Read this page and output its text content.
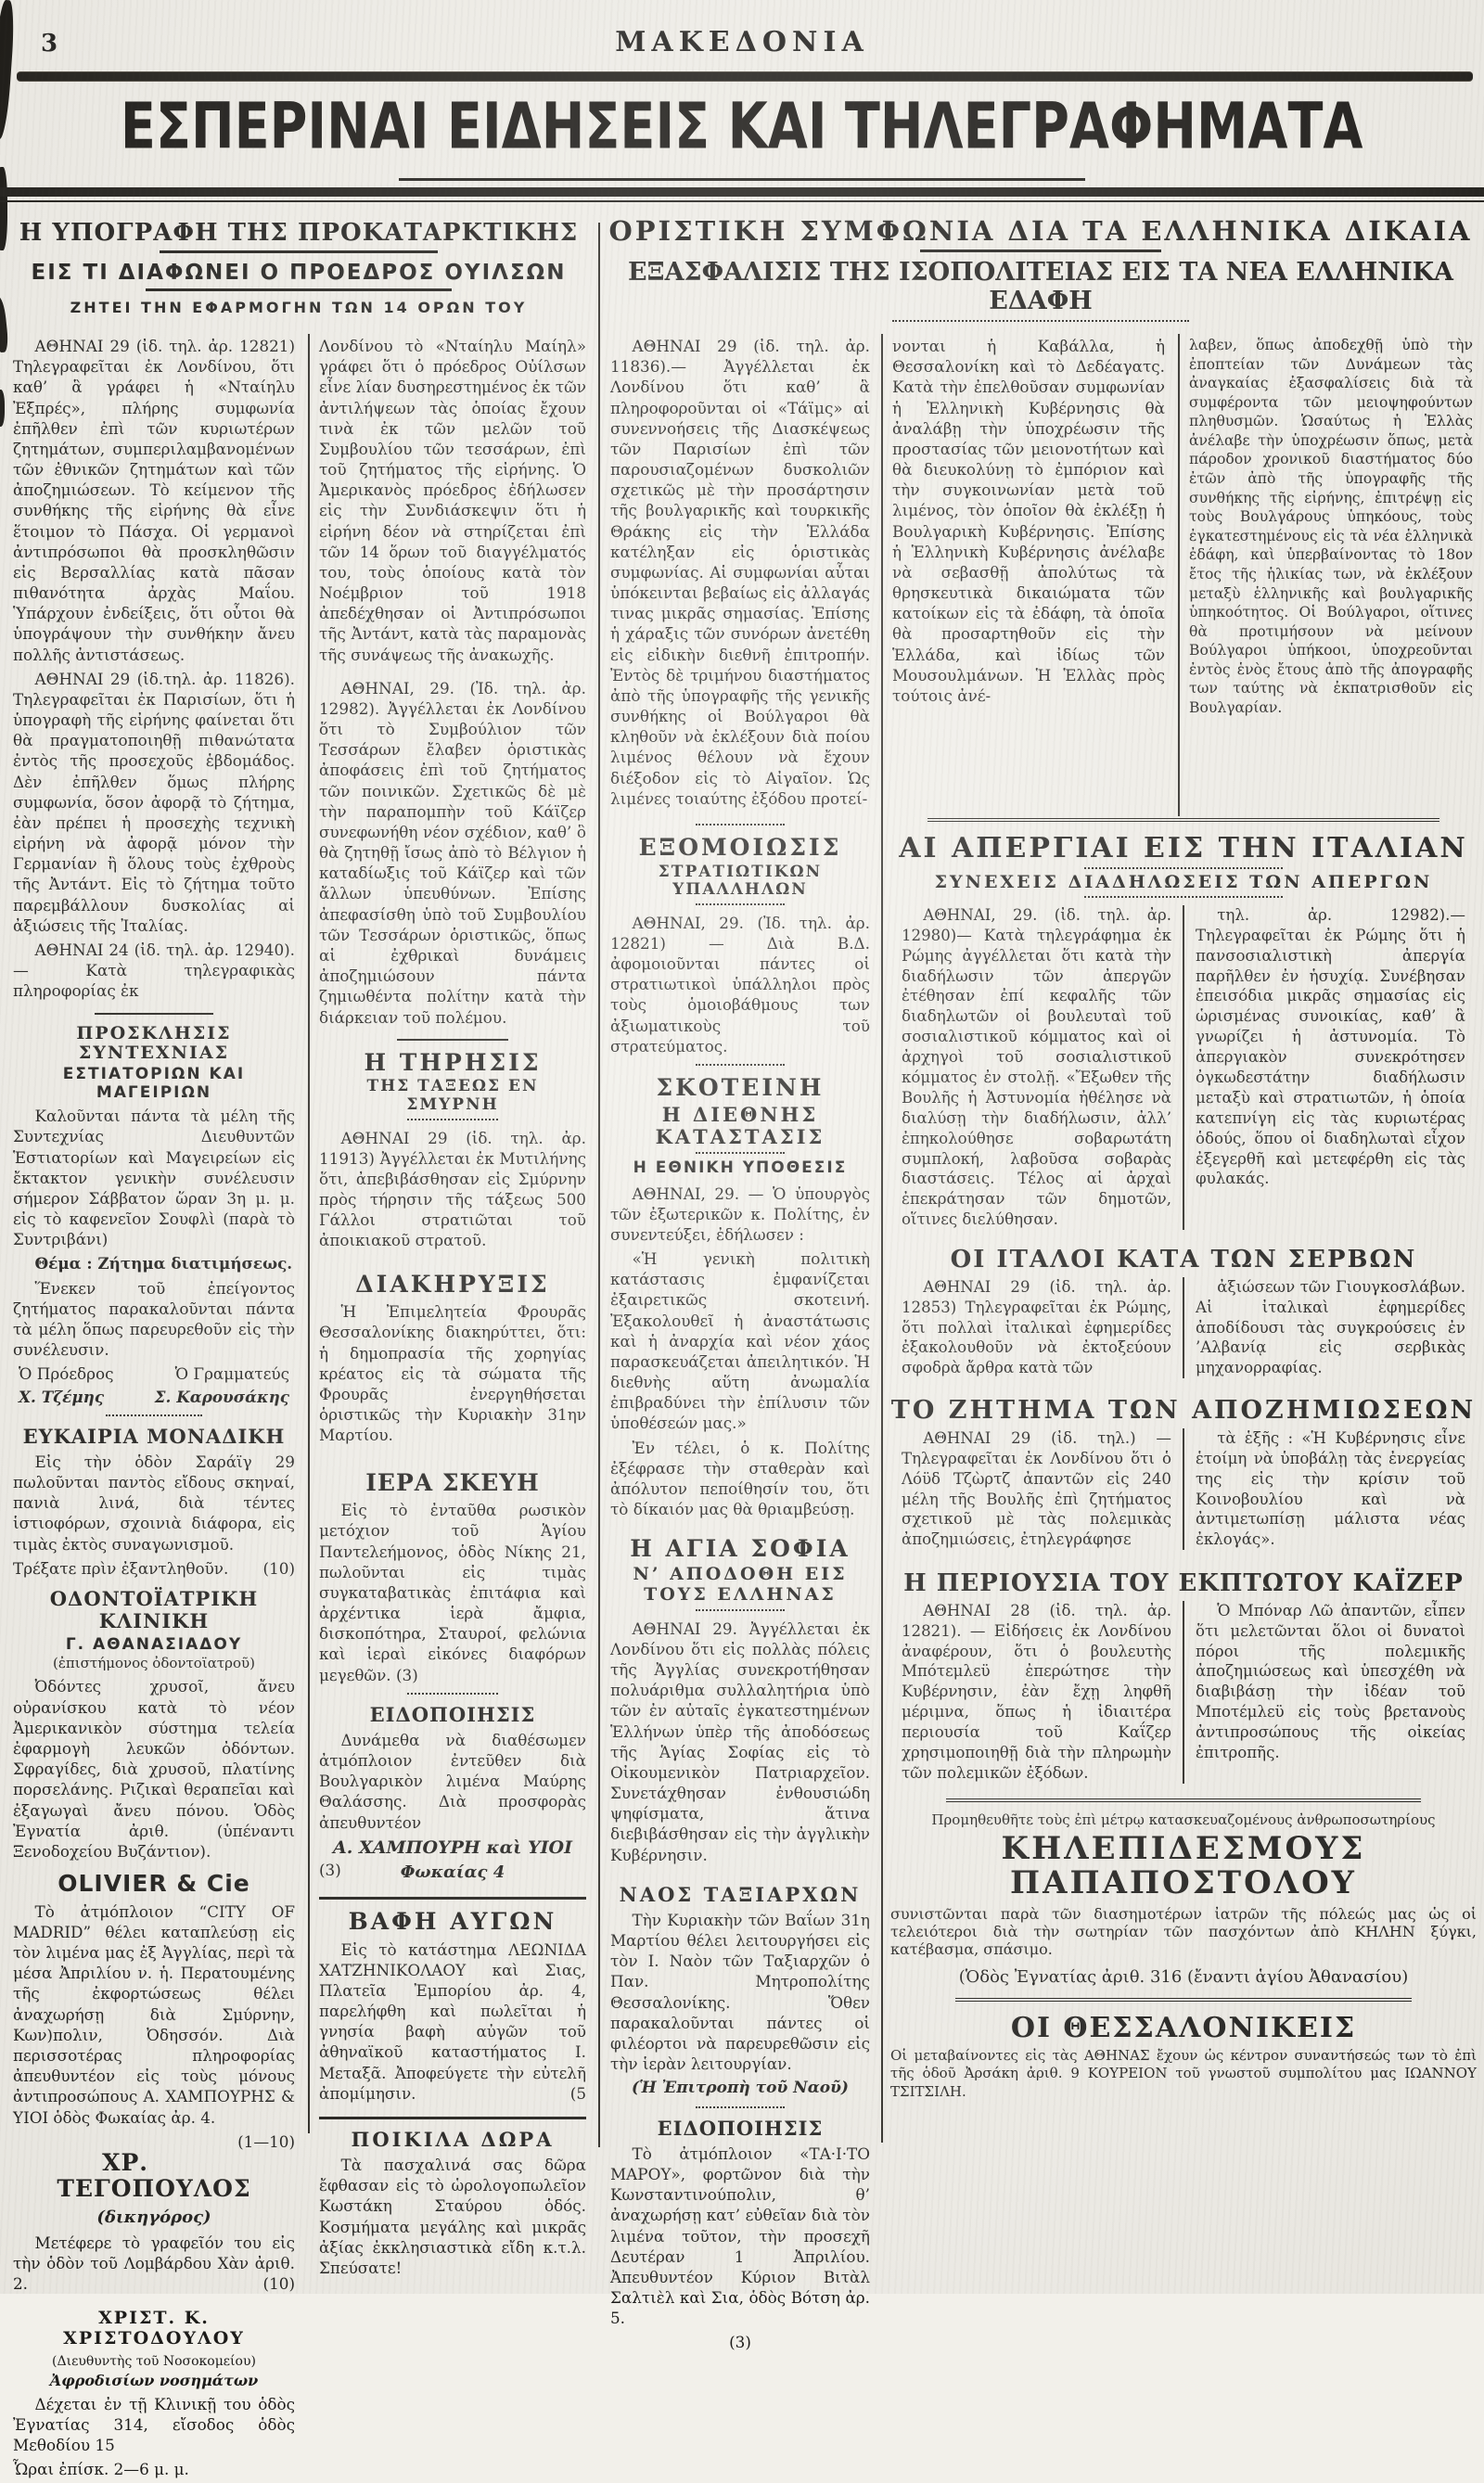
3	ΜΑΚΕΔΟΝΙΑ
ΕΣΠΕΡΙΝΑΙ ΕΙΔΗΣΕΙΣ ΚΑΙ ΤΗΛΕΓΡΑΦΗΜΑΤΑ
Η ΥΠΟΓΡΑΦΗ ΤΗΣ ΠΡΟΚΑΤΑΡΚΤΙΚΗΣ
ΕΙΣ ΤΙ ΔΙΑΦΩΝΕΙ Ο ΠΡΟΕΔΡΟΣ ΟΥΙΛΣΩΝ
ΖΗΤΕΙ ΤΗΝ ΕΦΑΡΜΟΓΗΝ ΤΩΝ 14 ΟΡΩΝ ΤΟΥ
ΟΡΙΣΤΙΚΗ ΣΥΜΦΩΝΙΑ ΔΙΑ ΤΑ ΕΛΛΗΝΙΚΑ ΔΙΚΑΙΑ
ΕΞΑΣΦΑΛΙΣΙΣ ΤΗΣ ΙΣΟΠΟΛΙΤΕΙΑΣ ΕΙΣ ΤΑ ΝΕΑ ΕΛΛΗΝΙΚΑ ΕΔΑΦΗ

ΑΘΗΝΑΙ 29 (ἰδ. τηλ. ἀρ. 12821) Τηλεγραφεῖται ἐκ Λονδίνου, ὅτι καθ’ ἃ γράφει ἡ «Νταίηλυ Ἐξπρές», πλήρης συμφωνία ἐπῆλθεν ἐπὶ τῶν κυριωτέρων ζητημάτων, συμπεριλαμβανομένων τῶν ἐθνικῶν ζητημάτων καὶ τῶν ἀποζημιώσεων. Τὸ κείμενον τῆς συνθήκης τῆς εἰρήνης θὰ εἶνε ἕτοιμον τὸ Πάσχα. Οἱ γερμανοὶ ἀντιπρόσωποι θὰ προσκληθῶσιν εἰς Βερσαλλίας κατὰ πᾶσαν πιθανότητα ἀρχὰς Μαΐου. Ὑπάρχουν ἐνδείξεις, ὅτι οὗτοι θὰ ὑπογράψουν τὴν συνθήκην ἄνευ πολλῆς ἀντιστάσεως.

ΑΘΗΝΑΙ 29 (ἰδ.τηλ. ἀρ. 11826). Τηλεγραφεῖται ἐκ Παρισίων, ὅτι ἡ ὑπογραφὴ τῆς εἰρήνης φαίνεται ὅτι θὰ πραγματοποιηθῇ πιθανώτατα ἐντὸς τῆς προσεχοῦς ἑβδομάδος. Δὲν ἐπῆλθεν ὅμως πλήρης συμφωνία, ὅσον ἀφορᾷ τὸ ζήτημα, ἐὰν πρέπει ἡ προσεχὴς τεχνικὴ εἰρήνη νὰ ἀφορᾷ μόνον τὴν Γερμανίαν ἢ ὅλους τοὺς ἐχθροὺς τῆς Ἀντάντ. Εἰς τὸ ζήτημα τοῦτο παρεμβάλλουν δυσκολίας αἱ ἀξιώσεις τῆς Ἰταλίας.

ΑΘΗΝΑΙ 24 (ἰδ. τηλ. ἀρ. 12940).— Κατὰ τηλεγραφικὰς πληροφορίας ἐκ

ΠΡΟΣΚΛΗΣΙΣ ΣΥΝΤΕΧΝΙΑΣ
ΕΣΤΙΑΤΟΡΙΩΝ ΚΑΙ ΜΑΓΕΙΡΙΩΝ

Καλοῦνται πάντα τὰ μέλη τῆς Συντεχνίας Διευθυντῶν Ἑστιατορίων καὶ Μαγειρείων εἰς ἔκτακτον γενικὴν συνέλευσιν σήμερον Σάββατον ὥραν 3η μ. μ. εἰς τὸ καφενεῖον Σουφλὶ (παρὰ τὸ Συντριβάνι)

Θέμα : Ζήτημα διατιμήσεως.

Ἕνεκεν τοῦ ἐπείγοντος ζητήματος παρακαλοῦνται πάντα τὰ μέλη ὅπως παρευρεθοῦν εἰς τὴν συνέλευσιν.

Ὁ Πρόεδρος	Ὁ Γραμματεύς
Χ. Τζέμης	Σ. Καρουσάκης
ΕΥΚΑΙΡΙΑ ΜΟΝΑΔΙΚΗ

Εἰς τὴν ὁδὸν Σαράϊγ 29 πωλοῦνται παντὸς εἴδους σκηναί, πανιὰ λινά, διὰ τέντες ἱστιοφόρων, σχοινιὰ διάφορα, εἰς τιμὰς ἐκτὸς συναγωνισμοῦ.

Τρέξατε πρὶν ἐξαντληθοῦν. (10)

ΟΔΟΝΤΟΪΑΤΡΙΚΗ ΚΛΙΝΙΚΗ
Γ. ΑΘΑΝΑΣΙΑΔΟΥ
(ἐπιστήμονος ὀδοντοϊατροῦ)

Ὀδόντες χρυσοῖ, ἄνευ οὐρανίσκου κατὰ τὸ νέον Ἀμερικανικὸν σύστημα τελεία ἐφαρμογὴ λευκῶν ὀδόντων. Σφραγίδες, διὰ χρυσοῦ, πλατίνης πορσελάνης. Ριζικαὶ θεραπεῖαι καὶ ἐξαγωγαὶ ἄνευ πόνου. Ὁδὸς Ἐγνατία ἀριθ. (ὑπέναντι Ξενοδοχείου Βυζάντιον).

OLIVIER & Cie

Τὸ ἀτμόπλοιον “CITY OF MADRID” θέλει καταπλεύσῃ εἰς τὸν λιμένα μας ἐξ Ἀγγλίας, περὶ τὰ μέσα Ἀπριλίου ν. ἡ. Περατουμένης τῆς ἐκφορτώσεως θέλει ἀναχωρήσῃ διὰ Σμύρνην, Κων)πολιν, Ὀδησσόν. Διὰ περισσοτέρας πληροφορίας ἀπευθυντέον εἰς τοὺς μόνους ἀντιπροσώπους Α. ΧΑΜΠΟΥΡΗΣ & ΥΙΟΙ ὁδὸς Φωκαίας ἀρ. 4.

(1—10)

ΧΡ. ΤΕΓΟΠΟΥΛΟΣ
(δικηγόρος)

Μετέφερε τὸ γραφεῖόν του εἰς τὴν ὁδὸν τοῦ Λομβάρδου Χὰν ἀριθ. 2.	(10)

ΧΡΙΣΤ. Κ. ΧΡΙΣΤΟΔΟΥΛΟΥ
(Διευθυντὴς τοῦ Νοσοκομείου)
Ἀφροδισίων νοσημάτων

Δέχεται ἐν τῇ Κλινικῇ του ὁδὸς Ἐγνατίας 314, εἴσοδος ὁδὸς Μεθοδίου 15

Ὧραι ἐπίσκ. 2—6 μ. μ.

Λονδίνου τὸ «Νταίηλυ Μαίηλ» γράφει ὅτι ὁ πρόεδρος Οὐίλσων εἶνε λίαν δυσηρεστημένος ἐκ τῶν ἀντιλήψεων τὰς ὁποίας ἔχουν τινὰ ἐκ τῶν μελῶν τοῦ Συμβουλίου τῶν τεσσάρων, ἐπὶ τοῦ ζητήματος τῆς εἰρήνης. Ὁ Ἀμερικανὸς πρόεδρος ἐδήλωσεν εἰς τὴν Συνδιάσκεψιν ὅτι ἡ εἰρήνη δέον νὰ στηρίζεται ἐπὶ τῶν 14 ὅρων τοῦ διαγγέλματός του, τοὺς ὁποίους κατὰ τὸν Νοέμβριον τοῦ 1918 ἀπεδέχθησαν οἱ Ἀντιπρόσωποι τῆς Ἀντάντ, κατὰ τὰς παραμονὰς τῆς συνάψεως τῆς ἀνακωχῆς.

ΑΘΗΝΑΙ, 29. (Ἰδ. τηλ. ἀρ. 12982). Ἀγγέλλεται ἐκ Λονδίνου ὅτι τὸ Συμβούλιον τῶν Τεσσάρων ἔλαβεν ὁριστικὰς ἀποφάσεις ἐπὶ τοῦ ζητήματος τῶν ποινικῶν. Σχετικῶς δὲ μὲ τὴν παραπομπὴν τοῦ Κάϊζερ συνεφωνήθη νέον σχέδιον, καθ’ ὃ θὰ ζητηθῇ ἴσως ἀπὸ τὸ Βέλγιον ἡ καταδίωξις τοῦ Κάϊζερ καὶ τῶν ἄλλων ὑπευθύνων. Ἐπίσης ἀπεφασίσθη ὑπὸ τοῦ Συμβουλίου τῶν Τεσσάρων ὁριστικῶς, ὅπως αἱ ἐχθρικαὶ δυνάμεις ἀποζημιώσουν πάντα ζημιωθέντα πολίτην κατὰ τὴν διάρκειαν τοῦ πολέμου.

Η ΤΗΡΗΣΙΣ
ΤΗΣ ΤΑΞΕΩΣ ΕΝ ΣΜΥΡΝΗ

ΑΘΗΝΑΙ 29 (ἰδ. τηλ. ἀρ. 11913) Ἀγγέλλεται ἐκ Μυτιλήνης ὅτι, ἀπεβιβάσθησαν εἰς Σμύρνην πρὸς τήρησιν τῆς τάξεως 500 Γάλλοι στρατιῶται τοῦ ἀποικιακοῦ στρατοῦ.

ΔΙΑΚΗΡΥΞΙΣ

Ἡ Ἐπιμελητεία Φρουρᾶς Θεσσαλονίκης διακηρύττει, ὅτι: ἡ δημοπρασία τῆς χορηγίας κρέατος εἰς τὰ σώματα τῆς Φρουρᾶς ἐνεργηθήσεται ὁριστικῶς τὴν Κυριακὴν 31ην Μαρτίου.

ΙΕΡΑ ΣΚΕΥΗ

Εἰς τὸ ἐνταῦθα ρωσικὸν μετόχιον τοῦ Ἁγίου Παντελεήμονος, ὁδὸς Νίκης 21, πωλοῦνται εἰς τιμὰς συγκαταβατικὰς ἐπιτάφια καὶ ἀρχέντικα ἱερὰ ἄμφια, δισκοπότηρα, Σταυροί, φελώνια καὶ ἱεραὶ εἰκόνες διαφόρων μεγεθῶν. (3)

ΕΙΔΟΠΟΙΗΣΙΣ

Δυνάμεθα νὰ διαθέσωμεν ἀτμόπλοιον ἐντεῦθεν διὰ Βουλγαρικὸν λιμένα Μαύρης Θαλάσσης. Διὰ προσφορὰς ἀπευθυντέον

Α. ΧΑΜΠΟΥΡΗ καὶ ΥΙΟΙ

(3)	Φωκαίας 4

ΒΑΦΗ ΑΥΓΩΝ

Εἰς τὸ κατάστημα ΛΕΩΝΙΔΑ ΧΑΤΖΗΝΙΚΟΛΑΟΥ καὶ Σιας, Πλατεῖα Ἐμπορίου ἀρ. 4, παρελήφθη καὶ πωλεῖται ἡ γνησία βαφὴ αὐγῶν τοῦ ἀθηναϊκοῦ καταστήματος Ι. Μεταξᾶ. Ἀποφεύγετε τὴν εὐτελῆ ἀπομίμησιν.	(5

ΠΟΙΚΙΛΑ ΔΩΡΑ

Τὰ πασχαλινά σας δῶρα ἔφθασαν εἰς τὸ ὡρολογοπωλεῖον Κωστάκη Σταύρου ὁδός. Κοσμήματα μεγάλης καὶ μικρᾶς ἀξίας ἐκκλησιαστικὰ εἴδη κ.τ.λ. Σπεύσατε!

ΑΘΗΝΑΙ 29 (ἰδ. τηλ. ἀρ. 11836).— Ἀγγέλλεται ἐκ Λονδίνου ὅτι καθ’ ἃ πληροφοροῦνται οἱ «Τάϊμς» αἱ συνεννοήσεις τῆς Διασκέψεως τῶν Παρισίων ἐπὶ τῶν παρουσιαζομένων δυσκολιῶν σχετικῶς μὲ τὴν προσάρτησιν τῆς βουλγαρικῆς καὶ τουρκικῆς Θράκης εἰς τὴν Ἑλλάδα κατέληξαν εἰς ὁριστικὰς συμφωνίας. Αἱ συμφωνίαι αὗται ὑπόκεινται βεβαίως εἰς ἀλλαγάς τινας μικρᾶς σημασίας. Ἐπίσης ἡ χάραξις τῶν συνόρων ἀνετέθη εἰς εἰδικὴν διεθνῆ ἐπιτροπήν. Ἐντὸς δὲ τριμήνου διαστήματος ἀπὸ τῆς ὑπογραφῆς τῆς γενικῆς συνθήκης οἱ Βούλγαροι θὰ κληθοῦν νὰ ἐκλέξουν διὰ ποίου λιμένος θέλουν νὰ ἔχουν διέξοδον εἰς τὸ Αἰγαῖον. Ὡς λιμένες τοιαύτης ἐξόδου προτεί-

ΕΞΟΜΟΙΩΣΙΣ
ΣΤΡΑΤΙΩΤΙΚΩΝ ΥΠΑΛΛΗΛΩΝ

ΑΘΗΝΑΙ, 29. (Ἰδ. τηλ. ἀρ. 12821) — Διὰ Β.Δ. ἀφομοιοῦνται πάντες οἱ στρατιωτικοὶ ὑπάλληλοι πρὸς τοὺς ὁμοιοβάθμους των ἀξιωματικοὺς τοῦ στρατεύματος.

ΣΚΟΤΕΙΝΗ
Η ΔΙΕΘΝΗΣ ΚΑΤΑΣΤΑΣΙΣ
Η ΕΘΝΙΚΗ ΥΠΟΘΕΣΙΣ

ΑΘΗΝΑΙ, 29. — Ὁ ὑπουργὸς τῶν ἐξωτερικῶν κ. Πολίτης, ἐν συνεντεύξει, ἐδήλωσεν :

«Ἡ γενικὴ πολιτικὴ κατάστασις ἐμφανίζεται ἐξαιρετικῶς σκοτεινή. Ἐξακολουθεῖ ἡ ἀναστάτωσις καὶ ἡ ἀναρχία καὶ νέον χάος παρασκευάζεται ἀπειλητικόν. Ἡ διεθνὴς αὕτη ἀνωμαλία ἐπιβραδύνει τὴν ἐπίλυσιν τῶν ὑποθέσεών μας.»

Ἐν τέλει, ὁ κ. Πολίτης ἐξέφρασε τὴν σταθερὰν καὶ ἀπόλυτον πεποίθησίν του, ὅτι τὸ δίκαιόν μας θὰ θριαμβεύσῃ.

Η ΑΓΙΑ ΣΟΦΙΑ
Ν’ ΑΠΟΔΟΘΗ ΕΙΣ ΤΟΥΣ ΕΛΛΗΝΑΣ

ΑΘΗΝΑΙ 29. Ἀγγέλλεται ἐκ Λονδίνου ὅτι εἰς πολλὰς πόλεις τῆς Ἀγγλίας συνεκροτήθησαν πολυάριθμα συλλαλητήρια ὑπὸ τῶν ἐν αὐταῖς ἐγκατεστημένων Ἑλλήνων ὑπὲρ τῆς ἀποδόσεως τῆς Ἁγίας Σοφίας εἰς τὸ Οἰκουμενικὸν Πατριαρχεῖον. Συνετάχθησαν ἐνθουσιώδη ψηφίσματα, ἅτινα διεβιβάσθησαν εἰς τὴν ἀγγλικὴν Κυβέρνησιν.

ΝΑΟΣ ΤΑΞΙΑΡΧΩΝ

Τὴν Κυριακὴν τῶν Βαΐων 31η Μαρτίου θέλει λειτουργήσει εἰς τὸν Ι. Ναὸν τῶν Ταξιαρχῶν ὁ Παν. Μητροπολίτης Θεσσαλονίκης. Ὅθεν παρακαλοῦνται πάντες οἱ φιλέορτοι νὰ παρευρεθῶσιν εἰς τὴν ἱερὰν λειτουργίαν.

(Ἡ Ἐπιτροπὴ τοῦ Ναοῦ)
ΕΙΔΟΠΟΙΗΣΙΣ

Τὸ ἀτμόπλοιον «ΤΑ·Ι·ΤΟ ΜΑΡΟΥ», φορτῶνον διὰ τὴν Κωνσταντινούπολιν, θ’ ἀναχωρήσῃ κατ’ εὐθεῖαν διὰ τὸν λιμένα τοῦτον, τὴν προσεχῆ Δευτέραν 1 Ἀπριλίου. Ἀπευθυντέον Κύριον Βιτὰλ Σαλτιὲλ καὶ Σια, ὁδὸς Βότση ἀρ. 5.

(3)

νονται ἡ Καβάλλα, ἡ Θεσσαλονίκη καὶ τὸ Δεδέαγατς. Κατὰ τὴν ἐπελθοῦσαν συμφωνίαν ἡ Ἑλληνικὴ Κυβέρνησις θὰ ἀναλάβῃ τὴν ὑποχρέωσιν τῆς προστασίας τῶν μειονοτήτων καὶ θὰ διευκολύνῃ τὸ ἐμπόριον καὶ τὴν συγκοινωνίαν μετὰ τοῦ λιμένος, τὸν ὁποῖον θὰ ἐκλέξῃ ἡ Βουλγαρικὴ Κυβέρνησις. Ἐπίσης ἡ Ἑλληνικὴ Κυβέρνησις ἀνέλαβε νὰ σεβασθῇ ἀπολύτως τὰ θρησκευτικὰ δικαιώματα τῶν κατοίκων εἰς τὰ ἐδάφη, τὰ ὁποῖα θὰ προσαρτηθοῦν εἰς τὴν Ἑλλάδα, καὶ ἰδίως τῶν Μουσουλμάνων. Ἡ Ἑλλὰς πρὸς τούτοις ἀνέ-

λαβεν, ὅπως ἀποδεχθῇ ὑπὸ τὴν ἐποπτείαν τῶν Δυνάμεων τὰς ἀναγκαίας ἐξασφαλίσεις διὰ τὰ συμφέροντα τῶν μειοψηφούντων πληθυσμῶν. Ὡσαύτως ἡ Ἑλλὰς ἀνέλαβε τὴν ὑποχρέωσιν ὅπως, μετὰ πάροδον χρονικοῦ διαστήματος δύο ἐτῶν ἀπὸ τῆς ὑπογραφῆς τῆς συνθήκης τῆς εἰρήνης, ἐπιτρέψῃ εἰς τοὺς Βουλγάρους ὑπηκόους, τοὺς ἐγκατεστημένους εἰς τὰ νέα ἑλληνικὰ ἐδάφη, καὶ ὑπερβαίνοντας τὸ 18ον ἔτος τῆς ἡλικίας των, νὰ ἐκλέξουν μεταξὺ ἑλληνικῆς καὶ βουλγαρικῆς ὑπηκοότητος. Οἱ Βούλγαροι, οἵτινες θὰ προτιμήσουν νὰ μείνουν Βούλγαροι ὑπήκοοι, ὑποχρεοῦνται ἐντὸς ἑνὸς ἔτους ἀπὸ τῆς ἀπογραφῆς των ταύτης νὰ ἐκπατρισθοῦν εἰς Βουλγαρίαν.

ΑΙ ΑΠΕΡΓΙΑΙ ΕΙΣ ΤΗΝ ΙΤΑΛΙΑΝ
ΣΥΝΕΧΕΙΣ ΔΙΑΔΗΛΩΣΕΙΣ ΤΩΝ ΑΠΕΡΓΩΝ

ΑΘΗΝΑΙ, 29. (ἰδ. τηλ. ἀρ. 12980)— Κατὰ τηλεγράφημα ἐκ Ρώμης ἀγγέλλεται ὅτι κατὰ τὴν διαδήλωσιν τῶν ἀπεργῶν ἐτέθησαν ἐπί κεφαλῆς τῶν διαδηλωτῶν οἱ βουλευταὶ τοῦ σοσιαλιστικοῦ κόμματος καὶ οἱ ἀρχηγοὶ τοῦ σοσιαλιστικοῦ κόμματος ἐν στολῇ. «Ἔξωθεν τῆς Βουλῆς ἡ Ἀστυνομία ἠθέλησε νὰ διαλύσῃ τὴν διαδήλωσιν, ἀλλ’ ἐπηκολούθησε σοβαρωτάτη συμπλοκή, λαβοῦσα σοβαρὰς διαστάσεις. Τέλος αἱ ἀρχαὶ ἐπεκράτησαν τῶν δημοτῶν, οἵτινες διελύθησαν.

τηλ. ἀρ. 12982).— Τηλεγραφεῖται ἐκ Ρώμης ὅτι ἡ πανσοσιαλιστικὴ ἀπεργία παρῆλθεν ἐν ἡσυχίᾳ. Συνέβησαν ἐπεισόδια μικρᾶς σημασίας εἰς ὡρισμένας συνοικίας, καθ’ ἃ γνωρίζει ἡ ἀστυνομία. Τὸ ἀπεργιακὸν συνεκρότησεν ὀγκωδεστάτην διαδήλωσιν μεταξὺ καὶ στρατιωτῶν, ἡ ὁποία κατεπνίγη εἰς τὰς κυριωτέρας ὁδούς, ὅπου οἱ διαδηλωταὶ εἶχον ἐξεγερθῆ καὶ μετεφέρθη εἰς τὰς φυλακάς.

ΟΙ ΙΤΑΛΟΙ ΚΑΤΑ ΤΩΝ ΣΕΡΒΩΝ

ΑΘΗΝΑΙ 29 (ἰδ. τηλ. ἀρ. 12853) Τηλεγραφεῖται ἐκ Ρώμης, ὅτι πολλαὶ ἰταλικαὶ ἐφημερίδες ἐξακολουθοῦν νὰ ἐκτοξεύουν σφοδρὰ ἄρθρα κατὰ τῶν

ἀξιώσεων τῶν Γιουγκοσλάβων. Αἱ ἰταλικαὶ ἐφημερίδες ἀποδίδουσι τὰς συγκρούσεις ἐν ’Αλβανίᾳ εἰς σερβικὰς μηχανορραφίας.

ΤΟ ΖΗΤΗΜΑ ΤΩΝ ΑΠΟΖΗΜΙΩΣΕΩΝ

ΑΘΗΝΑΙ 29 (ἰδ. τηλ.) — Τηλεγραφεῖται ἐκ Λονδίνου ὅτι ὁ Λόϋδ Τζὼρτζ ἀπαντῶν εἰς 240 μέλη τῆς Βουλῆς ἐπὶ ζητήματος σχετικοῦ μὲ τὰς πολεμικὰς ἀποζημιώσεις, ἐτηλεγράφησε

τὰ ἑξῆς : «Ἡ Κυβέρνησις εἶνε ἑτοίμη νὰ ὑποβάλῃ τὰς ἐνεργείας της εἰς τὴν κρίσιν τοῦ Κοινοβουλίου καὶ νὰ ἀντιμετωπίσῃ μάλιστα νέας ἐκλογάς».

Η ΠΕΡΙΟΥΣΙΑ ΤΟΥ ΕΚΠΤΩΤΟΥ ΚΑΪΖΕΡ

ΑΘΗΝΑΙ 28 (ἰδ. τηλ. ἀρ. 12821). — Εἰδήσεις ἐκ Λονδίνου ἀναφέρουν, ὅτι ὁ βουλευτὴς Μπότεμλεϋ ἐπερώτησε τὴν Κυβέρνησιν, ἐὰν ἔχῃ ληφθῆ μέριμνα, ὅπως ἡ ἰδιαιτέρα περιουσία τοῦ Καΐζερ χρησιμοποιηθῇ διὰ τὴν πληρωμὴν τῶν πολεμικῶν ἐξόδων.

Ὁ Μπόναρ Λῶ ἀπαντῶν, εἶπεν ὅτι μελετῶνται ὅλοι οἱ δυνατοὶ πόροι τῆς πολεμικῆς ἀποζημιώσεως καὶ ὑπεσχέθη νὰ διαβιβάσῃ τὴν ἰδέαν τοῦ Μποτέμλεϋ εἰς τοὺς βρετανοὺς ἀντιπροσώπους τῆς οἰκείας ἐπιτροπῆς.

Προμηθευθῆτε τοὺς ἐπὶ μέτρῳ κατασκευαζομένους ἀνθρωποσωτηρίους
ΚΗΛΕΠΙΔΕΣΜΟΥΣ ΠΑΠΑΠΟΣΤΟΛΟΥ

συνιστῶνται παρὰ τῶν διασημοτέρων ἰατρῶν τῆς πόλεώς μας ὡς οἱ τελειότεροι διὰ τὴν σωτηρίαν τῶν πασχόντων ἀπὸ ΚΗΛΗΝ ξύγκι, κατέβασμα, σπάσιμο.

(Ὁδὸς Ἐγνατίας ἀριθ. 316 (ἔναντι ἁγίου Ἀθανασίου)
ΟΙ ΘΕΣΣΑΛΟΝΙΚΕΙΣ

Οἱ μεταβαίνοντες εἰς τὰς ΑΘΗΝΑΣ ἔχουν ὡς κέντρον συναντήσεώς των τὸ ἐπὶ τῆς ὁδοῦ Ἀρσάκη ἀριθ. 9 ΚΟΥΡΕΙΟΝ τοῦ γνωστοῦ συμπολίτου μας ΙΩΑΝΝΟΥ ΤΣΙΤΣΙΛΗ.
